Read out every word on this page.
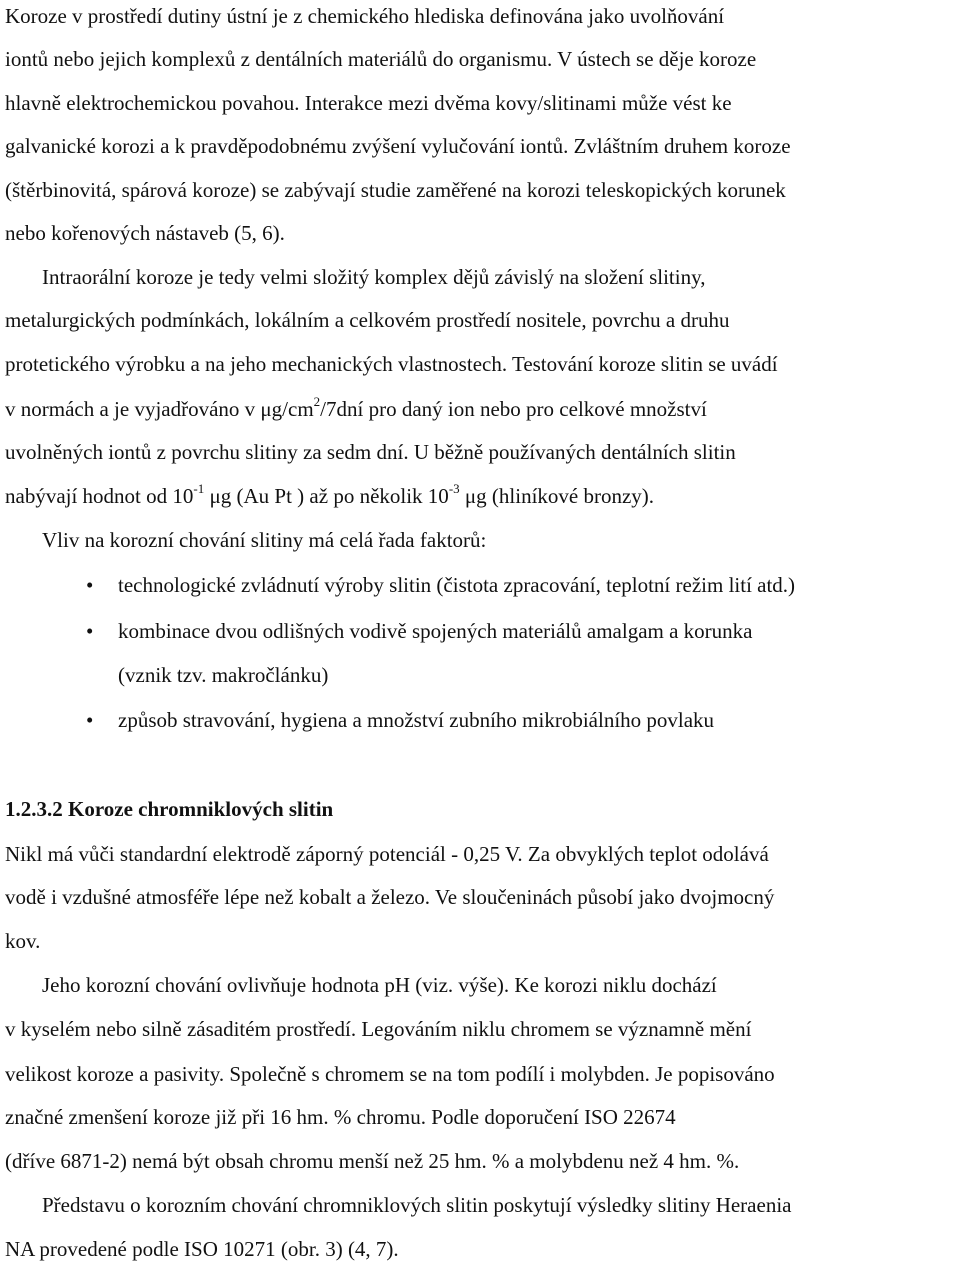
Koroze v prostředí dutiny ústní je z chemického hlediska definována jako uvolňování
iontů nebo jejich komplexů z dentálních materiálů do organismu. V ústech se děje koroze
hlavně elektrochemickou povahou. Interakce mezi dvěma kovy/slitinami může vést ke
galvanické korozi a k pravděpodobnému zvýšení vylučování iontů. Zvláštním druhem koroze
(štěrbinovitá, spárová koroze) se zabývají studie zaměřené na korozi teleskopických korunek
nebo kořenových nástaveb (5, 6).
Intraorální koroze je tedy velmi složitý komplex dějů závislý na složení slitiny,
metalurgických podmínkách, lokálním a celkovém prostředí nositele, povrchu a druhu
protetického výrobku a na jeho mechanických vlastnostech. Testování koroze slitin se uvádí
v normách a je vyjadřováno v $\mu g/cm^2/7dní$ pro daný ion nebo pro celkové množství
uvolněných iontů z povrchu slitiny za sedm dní. U běžně používaných dentálních slitin
nabývají hodnot od $10^{-1}$ μg (Au Pt ) až po několik $10^{-3}$ μg (hliníkové bronzy).
Vliv na korozní chování slitiny má celá řada faktorů:
• technologické zvládnutí výroby slitin (čistota zpracování, teplotní režim lití atd.)
• kombinace dvou odlišných vodivě spojených materiálů amalgam a korunka
(vznik tzv. makročlánku)
• způsob stravování, hygiena a množství zubního mikrobiálního povlaku
1.2.3.2 Koroze chromniklových slitin
Nikl má vůči standardní elektrodě záporný potenciál - 0,25 V. Za obvyklých teplot odolává
vodě i vzdušné atmosféře lépe než kobalt a železo. Ve sloučeninách působí jako dvojmocný
kov.
Jeho korozní chování ovlivňuje hodnota pH (viz. výše). Ke korozi niklu dochází
v kyselém nebo silně zásaditém prostředí. Legováním niklu chromem se významně mění
velikost koroze a pasivity. Společně s chromem se na tom podílí i molybden. Je popisováno
značné zmenšení koroze již při 16 hm. % chromu. Podle doporučení ISO 22674
(dříve 6871-2) nemá být obsah chromu menší než 25 hm. % a molybdenu než 4 hm. %.
Představu o korozním chování chromniklových slitin poskytují výsledky slitiny Heraenia
NA provedené podle ISO 10271 (obr. 3) (4, 7).
